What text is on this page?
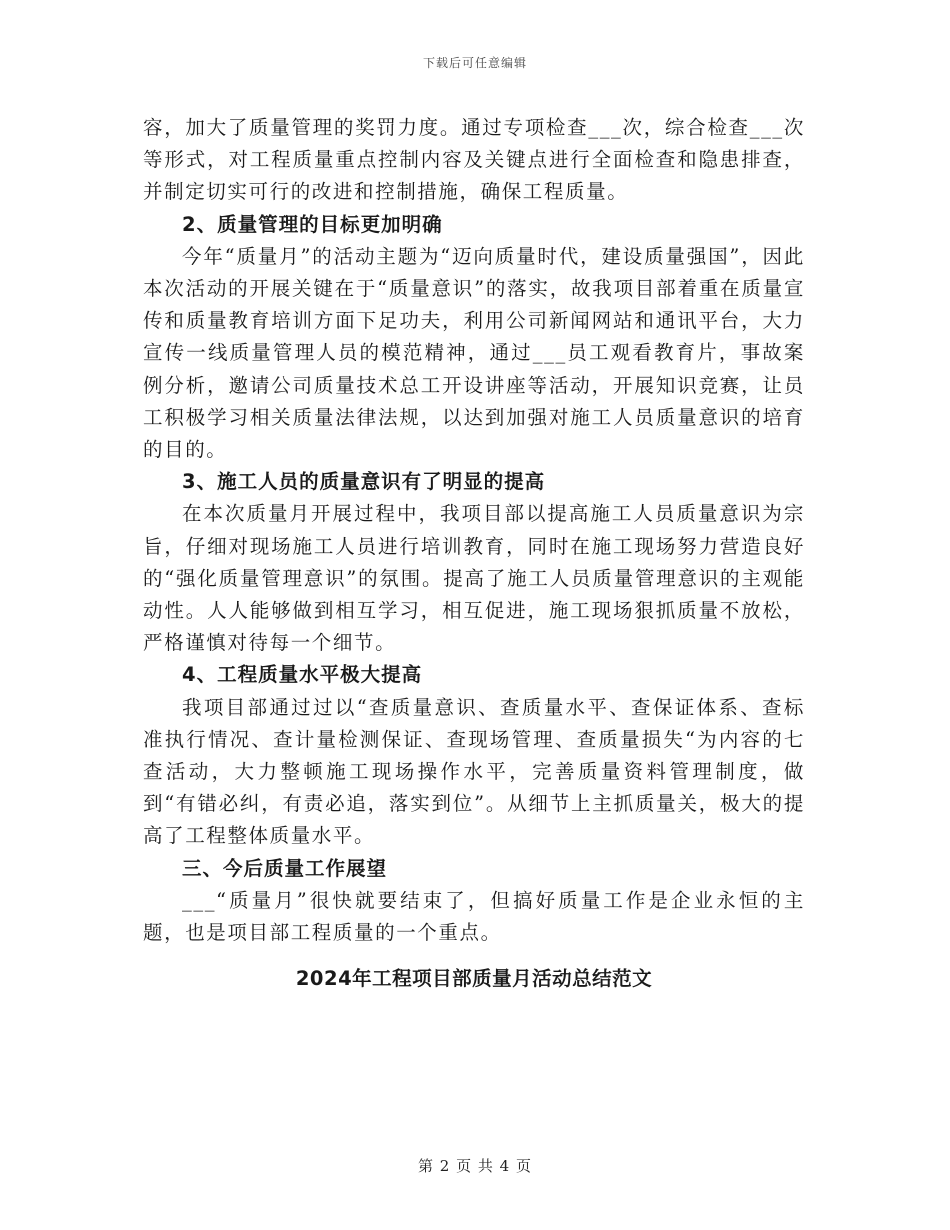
下载后可任意编辑

容，加大了质量管理的奖罚力度。通过专项检查___次，综合检查___次等形式，对工程质量重点控制内容及关键点进行全面检查和隐患排查，并制定切实可行的改进和控制措施，确保工程质量。

2、质量管理的目标更加明确

今年“质量月”的活动主题为“迈向质量时代，建设质量强国”，因此本次活动的开展关键在于“质量意识”的落实，故我项目部着重在质量宣传和质量教育培训方面下足功夫，利用公司新闻网站和通讯平台，大力宣传一线质量管理人员的模范精神，通过___员工观看教育片，事故案例分析，邀请公司质量技术总工开设讲座等活动，开展知识竞赛，让员工积极学习相关质量法律法规，以达到加强对施工人员质量意识的培育的目的。

3、施工人员的质量意识有了明显的提高

在本次质量月开展过程中，我项目部以提高施工人员质量意识为宗旨，仔细对现场施工人员进行培训教育，同时在施工现场努力营造良好的“强化质量管理意识”的氛围。提高了施工人员质量管理意识的主观能动性。人人能够做到相互学习，相互促进，施工现场狠抓质量不放松，严格谨慎对待每一个细节。

4、工程质量水平极大提高

我项目部通过过以“查质量意识、查质量水平、查保证体系、查标准执行情况、查计量检测保证、查现场管理、查质量损失“为内容的七查活动，大力整顿施工现场操作水平，完善质量资料管理制度，做到“有错必纠，有责必追，落实到位”。从细节上主抓质量关，极大的提高了工程整体质量水平。

三、今后质量工作展望

___“质量月”很快就要结束了，但搞好质量工作是企业永恒的主题，也是项目部工程质量的一个重点。

2024年工程项目部质量月活动总结范文
第 2 页 共 4 页
